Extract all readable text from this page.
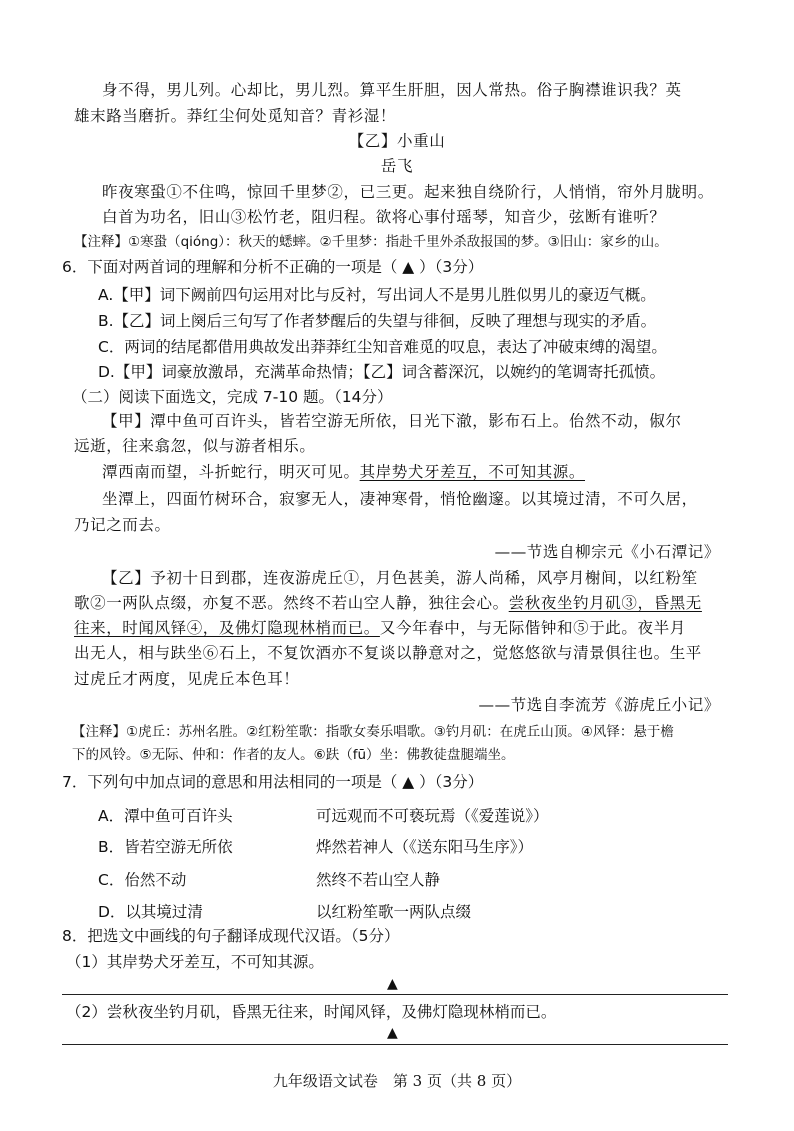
身不得，男儿列。心却比，男儿烈。算平生肝胆，因人常热。俗子胸襟谁识我？英
雄末路当磨折。莽红尘何处觅知音？青衫湿！
【乙】小重山
岳飞
昨夜寒蛩①不住鸣，惊回千里梦②，已三更。起来独自绕阶行，人悄悄，帘外月胧明。
白首为功名，旧山③松竹老，阻归程。欲将心事付瑶琴，知音少，弦断有谁听？
【注释】①寒蛩（qióng）：秋天的蟋蟀。②千里梦：指赴千里外杀敌报国的梦。③旧山：家乡的山。
6．下面对两首词的理解和分析不正确的一项是（ ▲ ）（3分）
A.【甲】词下阙前四句运用对比与反衬，写出词人不是男儿胜似男儿的豪迈气概。
B.【乙】词上阕后三句写了作者梦醒后的失望与徘徊，反映了理想与现实的矛盾。
C．两词的结尾都借用典故发出莽莽红尘知音难觅的叹息，表达了冲破束缚的渴望。
D.【甲】词豪放激昂，充满革命热情；【乙】词含蓄深沉，以婉约的笔调寄托孤愤。
（二）阅读下面选文，完成 7-10 题。（14分）
【甲】潭中鱼可百许头，皆若空游无所依，日光下澈，影布石上。佁然不动，俶尔
远逝，往来翕忽，似与游者相乐。
潭西南而望，斗折蛇行，明灭可见。其岸势犬牙差互，不可知其源。
坐潭上，四面竹树环合，寂寥无人，凄神寒骨，悄怆幽邃。以其境过清，不可久居，
乃记之而去。
——节选自柳宗元《小石潭记》
【乙】予初十日到郡，连夜游虎丘①，月色甚美，游人尚稀，风亭月榭间，以红粉笙
歌②一两队点缀，亦复不恶。然终不若山空人静，独往会心。尝秋夜坐钓月矶③，昏黑无
往来，时闻风铎④，及佛灯隐现林梢而已。又今年春中，与无际偕钟和⑤于此。夜半月
出无人，相与趺坐⑥石上，不复饮酒亦不复谈以静意对之，觉悠悠欲与清景俱往也。生平
过虎丘才两度，见虎丘本色耳！
——节选自李流芳《游虎丘小记》
【注释】①虎丘：苏州名胜。②红粉笙歌：指歌女奏乐唱歌。③钓月矶：在虎丘山顶。④风铎：悬于檐
下的风铃。⑤无际、仲和：作者的友人。⑥趺（fū）坐：佛教徒盘腿端坐。
7．下列句中加点词的意思和用法相同的一项是（ ▲ ）（3分）
A．潭中鱼可百许头	可远观而不可亵玩焉（《爱莲说》）
B．皆若空游无所依	烨然若神人（《送东阳马生序》）
C．佁然不动	然终不若山空人静
D．以其境过清	以红粉笙歌一两队点缀
8．把选文中画线的句子翻译成现代汉语。（5分）
（1）其岸势犬牙差互，不可知其源。
▲
（2）尝秋夜坐钓月矶，昏黑无往来，时闻风铎，及佛灯隐现林梢而已。
▲
九年级语文试卷　第 3 页（共 8 页）
